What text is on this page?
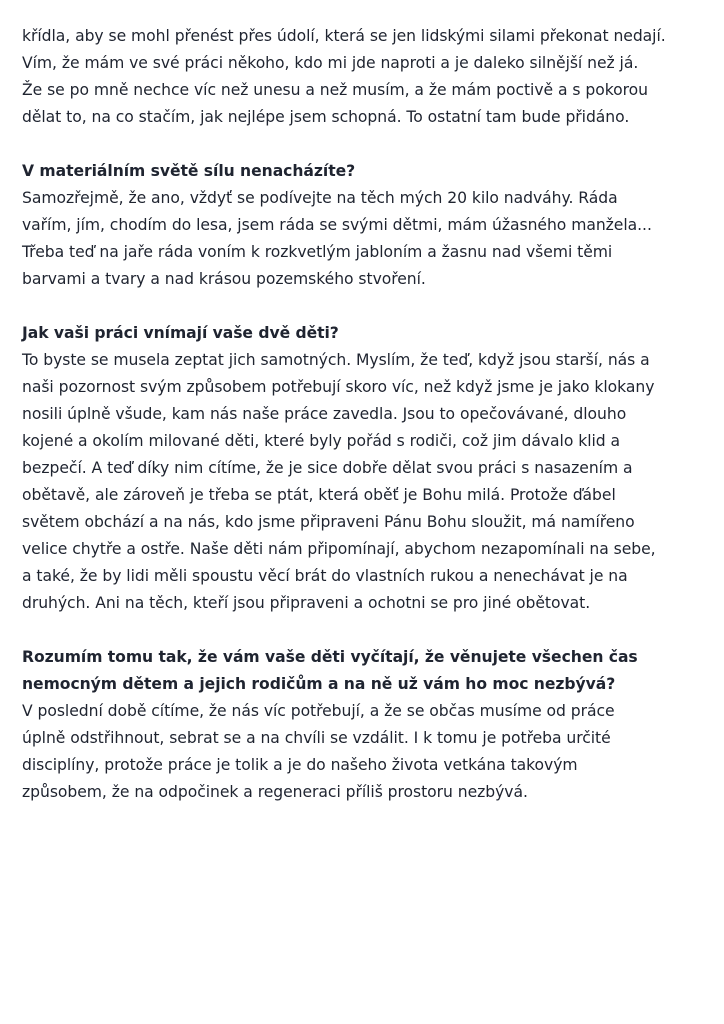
křídla, aby se mohl přenést přes údolí, která se jen lidskými silami překonat nedají.
Vím, že mám ve své práci někoho, kdo mi jde naproti a je daleko silnější než já.
Že se po mně nechce víc než unesu a než musím, a že mám poctivě a s pokorou
dělat to, na co stačím, jak nejlépe jsem schopná. To ostatní tam bude přidáno.
V materiálním světě sílu nenacházíte?
Samozřejmě, že ano, vždyť se podívejte na těch mých 20 kilo nadváhy. Ráda
vařím, jím, chodím do lesa, jsem ráda se svými dětmi, mám úžasného manžela...
Třeba teď na jaře ráda voním k rozkvetlým jabloním a žasnu nad všemi těmi
barvami a tvary a nad krásou pozemského stvoření.
Jak vaši práci vnímají vaše dvě děti?
To byste se musela zeptat jich samotných. Myslím, že teď, když jsou starší, nás a
naši pozornost svým způsobem potřebují skoro víc, než když jsme je jako klokany
nosili úplně všude, kam nás naše práce zavedla. Jsou to opečovávané, dlouho
kojené a okolím milované děti, které byly pořád s rodiči, což jim dávalo klid a
bezpečí. A teď díky nim cítíme, že je sice dobře dělat svou práci s nasazením a
obětavě, ale zároveň je třeba se ptát, která oběť je Bohu milá. Protože ďábel
světem obchází a na nás, kdo jsme připraveni Pánu Bohu sloužit, má namířeno
velice chytře a ostře. Naše děti nám připomínají, abychom nezapomínali na sebe,
a také, že by lidi měli spoustu věcí brát do vlastních rukou a nenechávat je na
druhých. Ani na těch, kteří jsou připraveni a ochotni se pro jiné obětovat.
Rozumím tomu tak, že vám vaše děti vyčítají, že věnujete všechen čas
nemocným dětem a jejich rodičům a na ně už vám ho moc nezbývá?
V poslední době cítíme, že nás víc potřebují, a že se občas musíme od práce
úplně odstřihnout, sebrat se a na chvíli se vzdálit. I k tomu je potřeba určité
disciplíny, protože práce je tolik a je do našeho života vetkána takovým
způsobem, že na odpočinek a regeneraci příliš prostoru nezbývá.
